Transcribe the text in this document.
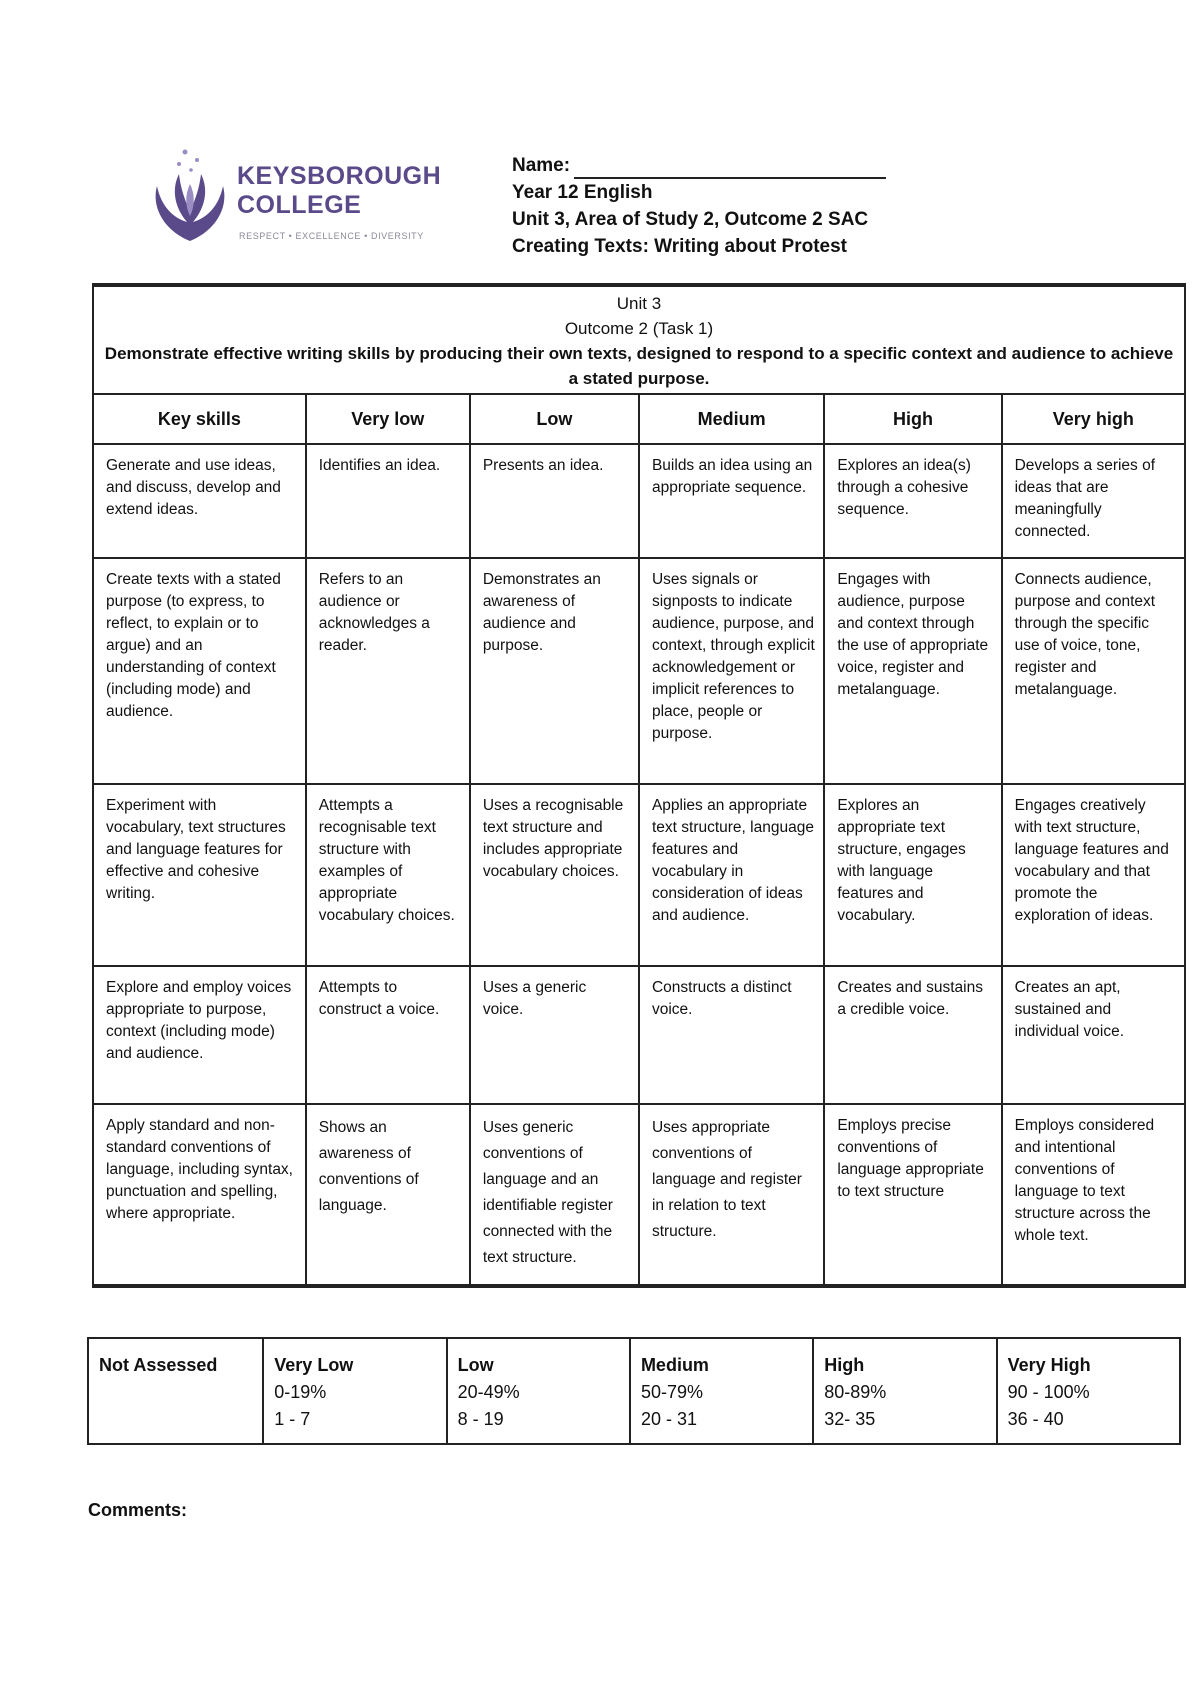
KEYSBOROUGH
COLLEGE
RESPECT • EXCELLENCE • DIVERSITY
Name:
Year 12 English
Unit 3, Area of Study 2, Outcome 2 SAC
Creating Texts: Writing about Protest
Unit 3
Outcome 2 (Task 1)
Demonstrate effective writing skills by producing their own texts, designed to respond to a specific context and audience to achieve a stated purpose.					

Key skills	Very low	Low	Medium	High	Very high
Generate and use ideas, and discuss, develop and extend ideas.	Identifies an idea.	Presents an idea.	Builds an idea using an appropriate sequence.	Explores an idea(s) through a cohesive sequence.	Develops a series of ideas that are meaningfully connected.
Create texts with a stated purpose (to express, to reflect, to explain or to argue) and an understanding of context (including mode) and audience.	Refers to an audience or acknowledges a reader.	Demonstrates an awareness of audience and purpose.	Uses signals or signposts to indicate audience, purpose, and context, through explicit acknowledgement or implicit references to place, people or purpose.	Engages with audience, purpose and context through the use of appropriate voice, register and metalanguage.	Connects audience, purpose and context through the specific use of voice, tone, register and metalanguage.
Experiment with vocabulary, text structures and language features for effective and cohesive writing.	Attempts a recognisable text structure with examples of appropriate vocabulary choices.	Uses a recognisable text structure and includes appropriate vocabulary choices.	Applies an appropriate text structure, language features and vocabulary in consideration of ideas and audience.	Explores an appropriate text structure, engages with language features and vocabulary.	Engages creatively with text structure, language features and vocabulary and that promote the exploration of ideas.
Explore and employ voices appropriate to purpose, context (including mode) and audience.	Attempts to construct a voice.	Uses a generic voice.	Constructs a distinct voice.	Creates and sustains a credible voice.	Creates an apt, sustained and individual voice.
Apply standard and non-standard conventions of language, including syntax, punctuation and spelling, where appropriate.	Shows an awareness of conventions of language.	Uses generic conventions of language and an identifiable register connected with the text structure.	Uses appropriate conventions of language and register in relation to text structure.	Employs precise conventions of language appropriate to text structure	Employs considered and intentional conventions of language to text structure across the whole text.
Not Assessed	Very Low
0-19%
1 - 7

Low
20-49%
8 - 19

Medium
50-79%
20 - 31

High
80-89%
32- 35

Very High
90 - 100%
36 - 40
Comments:
